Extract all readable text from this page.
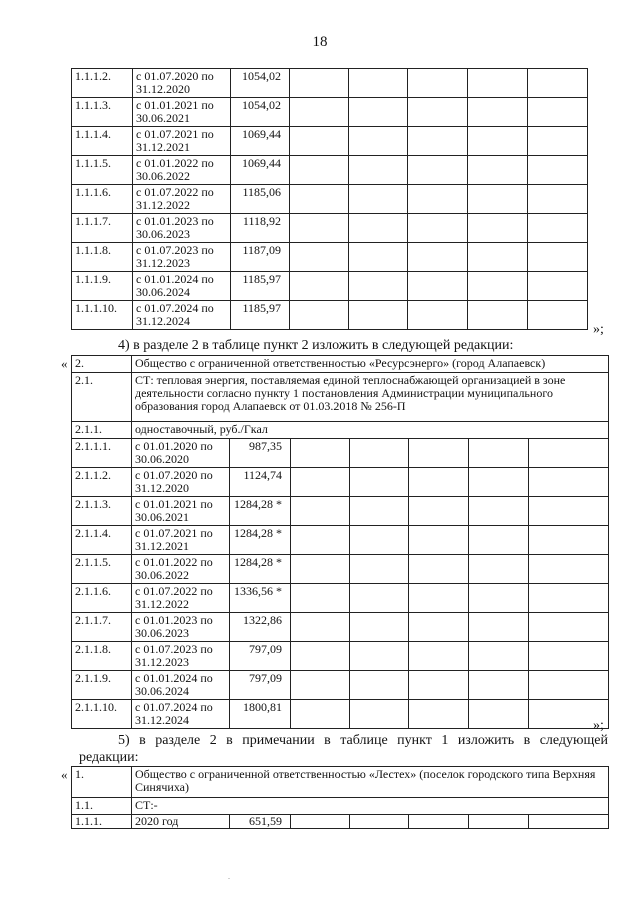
18
1.1.1.2.	с 01.07.2020 по 31.12.2020	1054,02					
1.1.1.3.	с 01.01.2021 по 30.06.2021	1054,02					
1.1.1.4.	с 01.07.2021 по 31.12.2021	1069,44					
1.1.1.5.	с 01.01.2022 по 30.06.2022	1069,44					
1.1.1.6.	с 01.07.2022 по 31.12.2022	1185,06					
1.1.1.7.	с 01.01.2023 по 30.06.2023	1118,92					
1.1.1.8.	с 01.07.2023 по 31.12.2023	1187,09					
1.1.1.9.	с 01.01.2024 по 30.06.2024	1185,97					
1.1.1.10.	с 01.07.2024 по 31.12.2024	1185,97					
»;
4) в разделе 2 в таблице пункт 2 изложить в следующей редакции:
« 2.	Общество с ограниченной ответственностью «Ресурсэнерго» (город Алапаевск)						
2.1.	СТ: тепловая энергия, поставляемая единой теплоснабжающей организацией в зоне деятельности согласно пункту 1 постановления Администрации муниципального образования город Алапаевск от 01.03.2018 № 256-П						
2.1.1.	одноставочный, руб./Гкал						
2.1.1.1.	с 01.01.2020 по 30.06.2020	987,35					
2.1.1.2.	с 01.07.2020 по 31.12.2020	1124,74					
2.1.1.3.	с 01.01.2021 по 30.06.2021	1284,28 *					
2.1.1.4.	с 01.07.2021 по 31.12.2021	1284,28 *					
2.1.1.5.	с 01.01.2022 по 30.06.2022	1284,28 *					
2.1.1.6.	с 01.07.2022 по 31.12.2022	1336,56 *					
2.1.1.7.	с 01.01.2023 по 30.06.2023	1322,86					
2.1.1.8.	с 01.07.2023 по 31.12.2023	797,09					
2.1.1.9.	с 01.01.2024 по 30.06.2024	797,09					
2.1.1.10.	с 01.07.2024 по 31.12.2024	1800,81					
»;
5) в разделе 2 в примечании в таблице пункт 1 изложить в следующей
редакции:
« 1.	Общество с ограниченной ответственностью «Лестех» (поселок городского типа Верхняя Синячиха)						
1.1.	СТ:-						
1.1.1.	2020 год	651,59					
.
